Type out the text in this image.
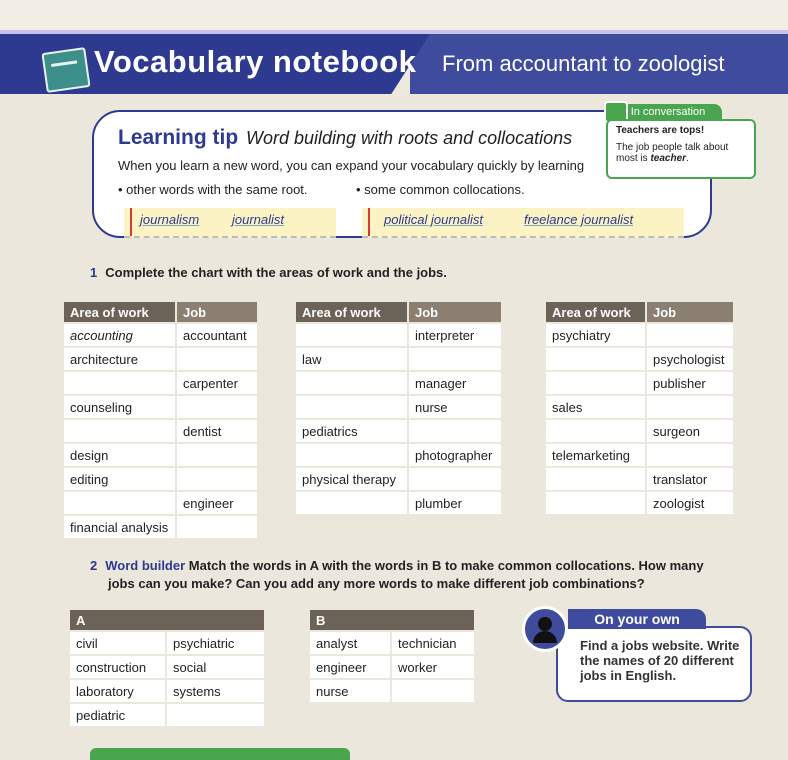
Vocabulary notebook From accountant to zoologist
Learning tip Word building with roots and collocations
When you learn a new word, you can expand your vocabulary quickly by learning
• other words with the same root.	• some common collocations.
journalism	journalist	political journalist	freelance journalist
In conversation
Teachers are tops!
The job people talk about most is teacher.
1 Complete the chart with the areas of work and the jobs.
Area of work	Job
accounting	accountant
architecture	
	carpenter
counseling	
	dentist
design	
editing	
	engineer
financial analysis	
Area of work	Job
	interpreter
law	
	manager
	nurse
pediatrics	
	photographer
physical therapy	
	plumber
Area of work	Job
psychiatry	
	psychologist
	publisher
sales	
	surgeon
telemarketing	
	translator
	zoologist
2 Word builder Match the words in A with the words in B to make common collocations. How many
jobs can you make? Can you add any more words to make different job combinations?
A	
civil	psychiatric
construction	social
laboratory	systems
pediatric	
B	
analyst	technician
engineer	worker
nurse	
Find a jobs website. Write the names of 20 different jobs in English.
On your own
